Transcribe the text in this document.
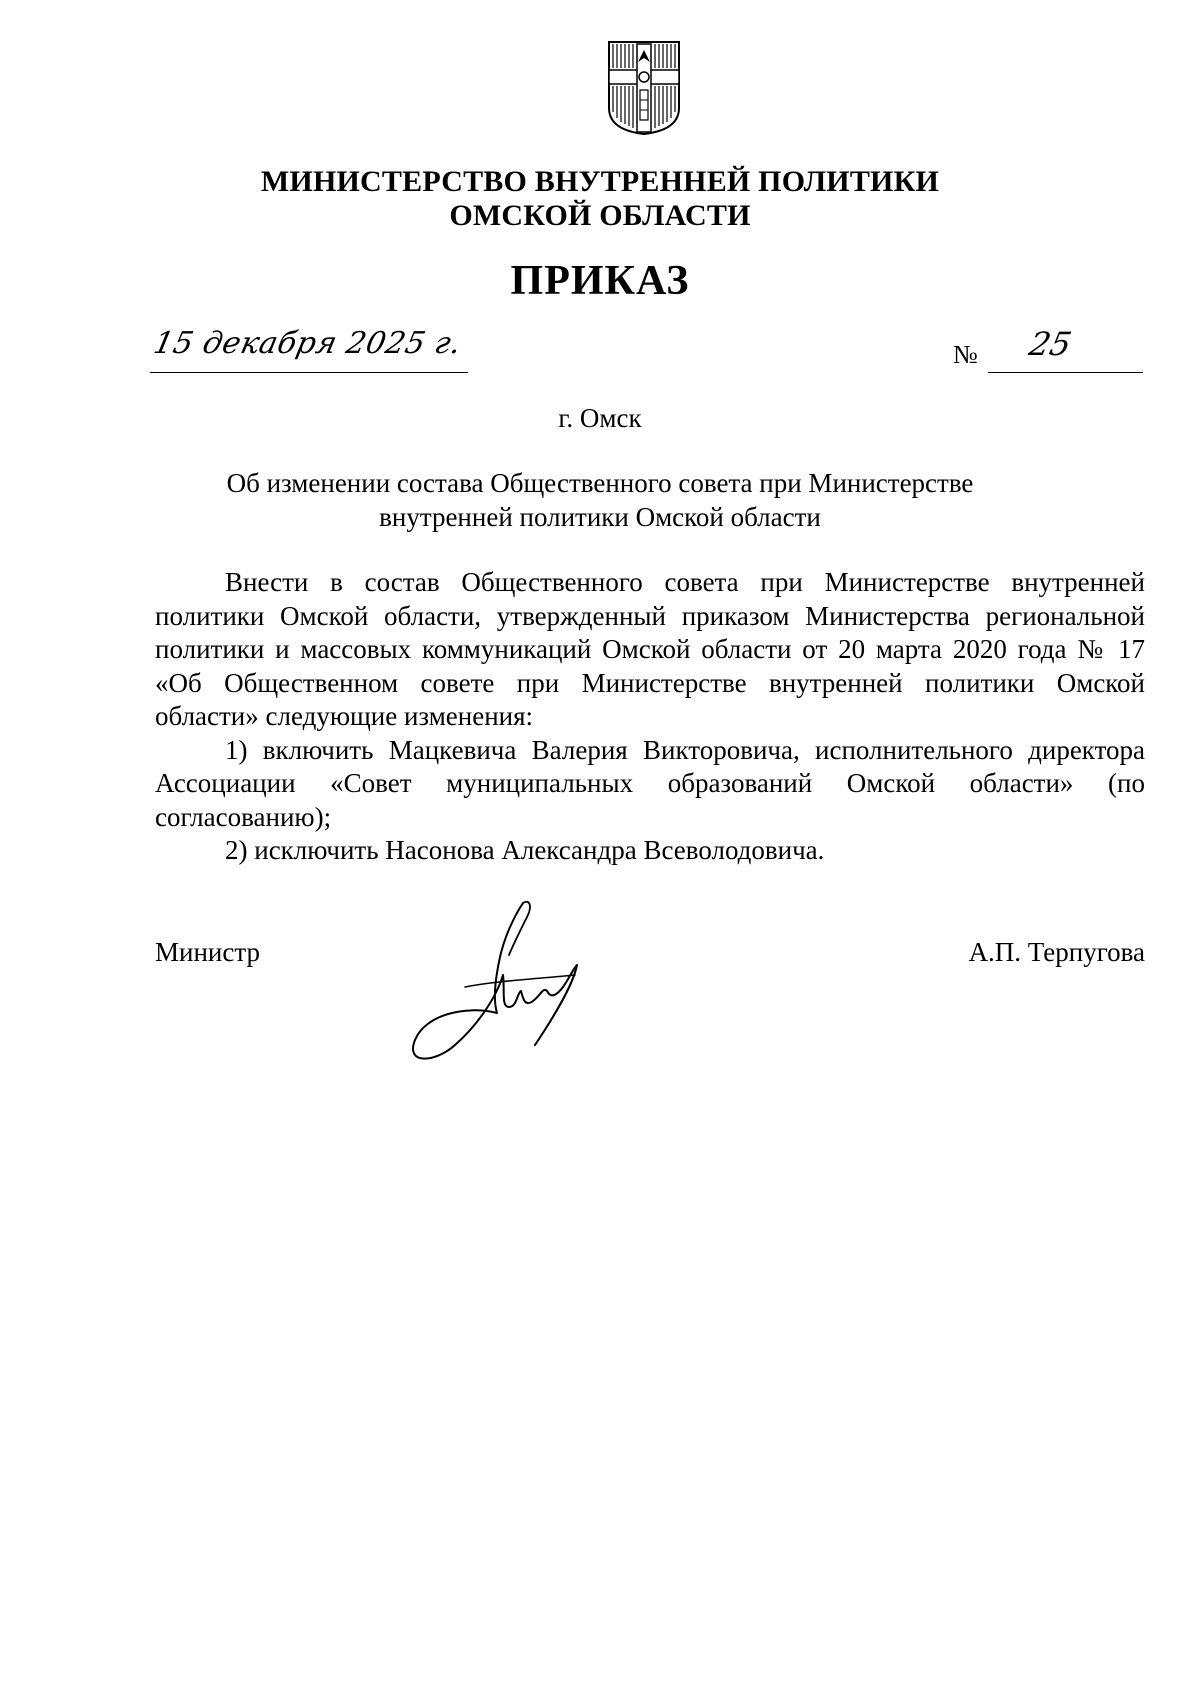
МИНИСТЕРСТВО ВНУТРЕННЕЙ ПОЛИТИКИ
ОМСКОЙ ОБЛАСТИ
ПРИКАЗ
15 декабря 2025 г.	№ 25
г. Омск
Об изменении состава Общественного совета при Министерстве
внутренней политики Омской области

Внести в состав Общественного совета при Министерстве внутренней политики Омской области, утвержденный приказом Министерства региональной политики и массовых коммуникаций Омской области от 20 марта 2020 года № 17 «Об Общественном совете при Министерстве внутренней политики Омской области» следующие изменения:

1) включить Мацкевича Валерия Викторовича, исполнительного директора Ассоциации «Совет муниципальных образований Омской области» (по согласованию);

2) исключить Насонова Александра Всеволодовича.

Министр	А.П. Терпугова
